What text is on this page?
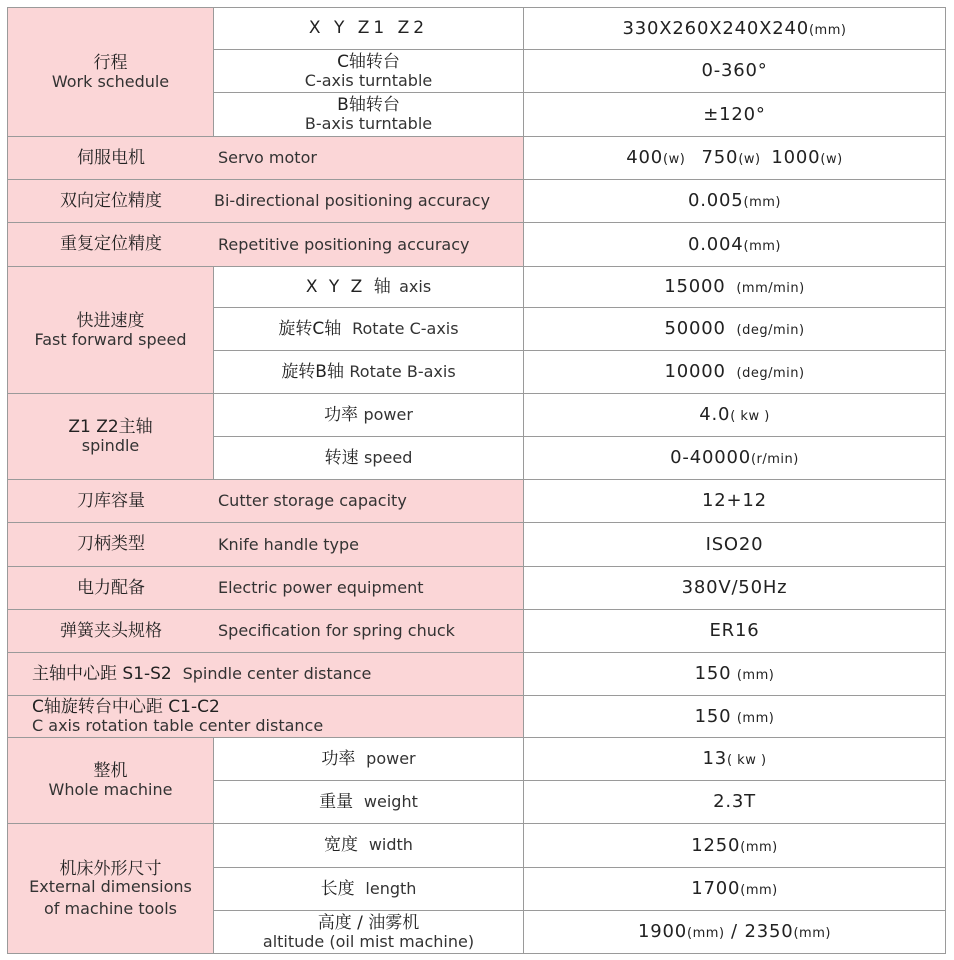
行程
Work schedule	X Y Z1 Z2	330X260X240X240(mm)

	C轴转台
C-axis turntable	0-360°

	B轴转台
B-axis turntable	±120°

伺服电机 Servo motor		400(w) 750(w) 1000(w)

双向定位精度 Bi-directional positioning accuracy		0.005(mm)

重复定位精度 Repetitive positioning accuracy		0.004(mm)

快进速度
Fast forward speed	X Y Z 轴 axis	15000 (mm/min)
	旋转C轴 Rotate C-axis	50000 (deg/min)
	旋转B轴 Rotate B-axis	10000 (deg/min)

Z1 Z2主轴
spindle	功率 power	4.0( kw )
	转速 speed	0-40000(r/min)

刀库容量 Cutter storage capacity		12+12

刀柄类型 Knife handle type		ISO20

电力配备 Electric power equipment		380V/50Hz

弹簧夹头规格 Specification for spring chuck		ER16

主轴中心距 S1-S2
Spindle center distance		150 (mm)

C轴旋转台中心距 C1-C2
C axis rotation table center distance		150 (mm)

整机
Whole machine	功率 power	13( kw )
	重量 weight	2.3T

机床外形尺寸
External dimensions
of machine tools	宽度 width	1250(mm)
	长度 length	1700(mm)

	高度 / 油雾机
altitude (oil mist machine)	1900(mm) / 2350(mm)
